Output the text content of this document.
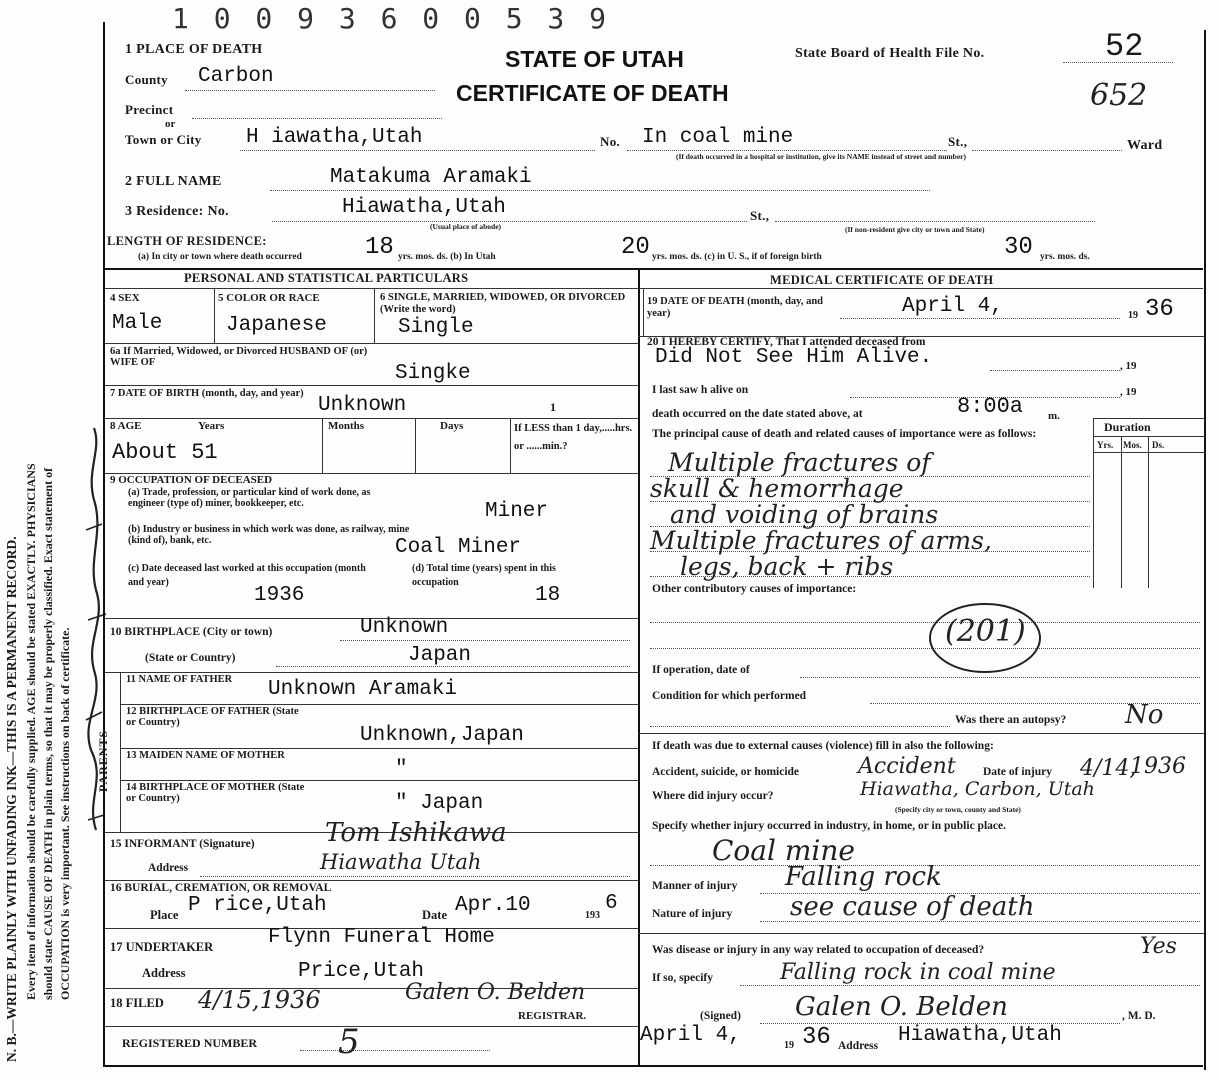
N. B.—WRITE PLAINLY WITH UNFADING INK—THIS IS A PERMANENT RECORD. Every item of information should be carefully supplied. AGE should be stated EXACTLY. PHYSICIANS should state CAUSE OF DEATH in plain terms, so that it may be properly classified. Exact statement of OCCUPATION is very important. See instructions on back of certificate. PARENTS
1 0 0 9 3 6 0 0 5 3 9
STATE OF UTAH
CERTIFICATE OF DEATH
State Board of Health File No.	52
652
1 PLACE OF DEATH
County Carbon
Precinct
or
Town or City H iawatha,Utah	No. In coal mine	St.,	Ward
(If death occurred in a hospital or institution, give its NAME instead of street and number)
2 FULL NAME	Matakuma Aramaki
3 Residence: No.	Hiawatha,Utah	St.,
(Usual place of abode)	(If non-resident give city or town and State)
LENGTH OF RESIDENCE:
(a) In city or town where death occurred	18 yrs. mos. ds. (b) In Utah	20 yrs. mos. ds. (c) in U. S., if of foreign birth	30 yrs. mos. ds.
PERSONAL AND STATISTICAL PARTICULARS	MEDICAL CERTIFICATE OF DEATH
4 SEX
Male
5 COLOR OR RACE
Japanese
6 SINGLE, MARRIED, WIDOWED, OR DIVORCED (Write the word)
Single
6a If Married, Widowed, or Divorced HUSBAND OF (or) WIFE OF	Singke
7 DATE OF BIRTH (month, day, and year)
Unknown	1
8 AGE	Years	Months	Days	If LESS than 1 day,.....hrs. or ......min.?
About 51
9 OCCUPATION OF DECEASED
(a) Trade, profession, or particular kind of work done, as engineer (type of) miner, bookkeeper, etc.	Miner
(b) Industry or business in which work was done, as railway, mine (kind of), bank, etc.	Coal Miner
(c) Date deceased last worked at this occupation (month and year)
1936
(d) Total time (years) spent in this occupation
18
10 BIRTHPLACE (City or town)	Unknown
(State or Country)	Japan
11 NAME OF FATHER	Unknown Aramaki
12 BIRTHPLACE OF FATHER (State or Country)
Unknown,Japan
13 MAIDEN NAME OF MOTHER
"
14 BIRTHPLACE OF MOTHER (State or Country)	" Japan
15 INFORMANT (Signature)	Tom Ishikawa
Address	Hiawatha Utah
16 BURIAL, CREMATION, OR REMOVAL
Place P rice,Utah	Date Apr.10	193
6
17 UNDERTAKER	Flynn Funeral Home
Address	Price,Utah
18 FILED 4/15,1936	Galen O. Belden
REGISTRAR.
REGISTERED NUMBER 5
19 DATE OF DEATH (month, day, and year)	April 4,	19 36
20 I HEREBY CERTIFY, That I attended deceased from
Did Not See Him Alive.	, 19
I last saw h alive on	, 19
death occurred on the date stated above, at	8:00a m.
The principal cause of death and related causes of importance were as follows:	Duration
Yrs. Mos. Ds.
Multiple fractures of
skull & hemorrhage
and voiding of brains
Multiple fractures of arms,
legs, back + ribs
Other contributory causes of importance:
(201)
If operation, date of
Condition for which performed
Was there an autopsy? No
If death was due to external causes (violence) fill in also the following:
Accident, suicide, or homicide	Accident Date of injury 4/14,
1936
Where did injury occur?	Hiawatha, Carbon, Utah
(Specify city or town, county and State)
Specify whether injury occurred in industry, in home, or in public place.
Coal mine
Manner of injury Falling rock
Nature of injury see cause of death
Was disease or injury in any way related to occupation of deceased?	Yes
If so, specify	Falling rock in coal mine
(Signed) Galen O. Belden	, M. D.
April 4,	19 36 Address Hiawatha,Utah
